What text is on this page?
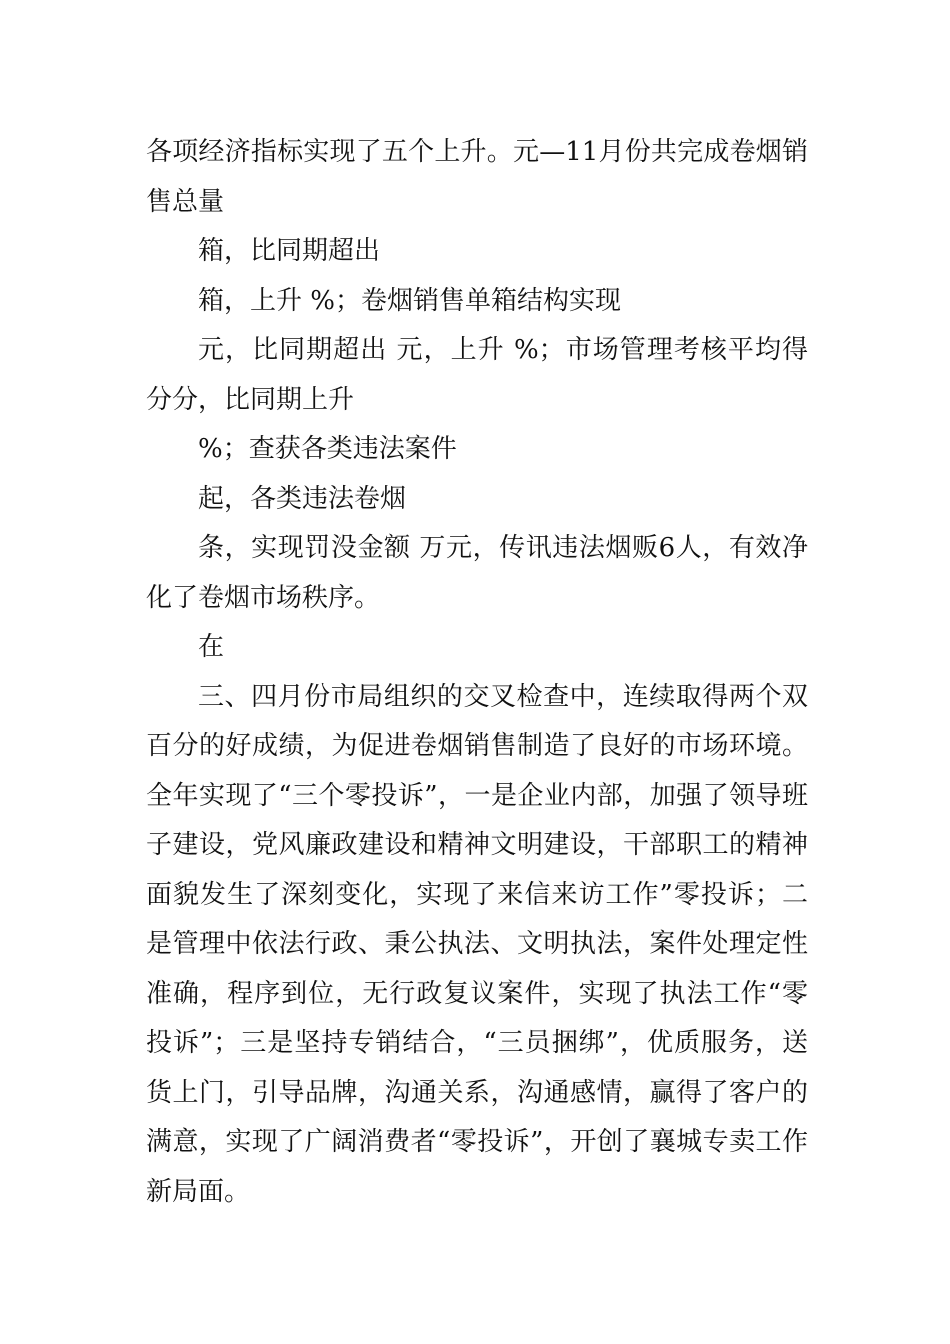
各项经济指标实现了五个上升。元—11月份共完成卷烟销售总量

箱，比同期超出

箱，上升 %；卷烟销售单箱结构实现

元，比同期超出 元，上升 %；市场管理考核平均得分分，比同期上升

%；查获各类违法案件

起，各类违法卷烟

条，实现罚没金额 万元，传讯违法烟贩6人，有效净化了卷烟市场秩序。

在

三、四月份市局组织的交叉检查中，连续取得两个双百分的好成绩，为促进卷烟销售制造了良好的市场环境。全年实现了“三个零投诉”，一是企业内部，加强了领导班子建设，党风廉政建设和精神文明建设，干部职工的精神面貌发生了深刻变化，实现了来信来访工作”零投诉；二是管理中依法行政、秉公执法、文明执法，案件处理定性准确，程序到位，无行政复议案件，实现了执法工作“零投诉”；三是坚持专销结合，“三员捆绑”，优质服务，送货上门，引导品牌，沟通关系，沟通感情，赢得了客户的满意，实现了广阔消费者“零投诉”，开创了襄城专卖工作新局面。
